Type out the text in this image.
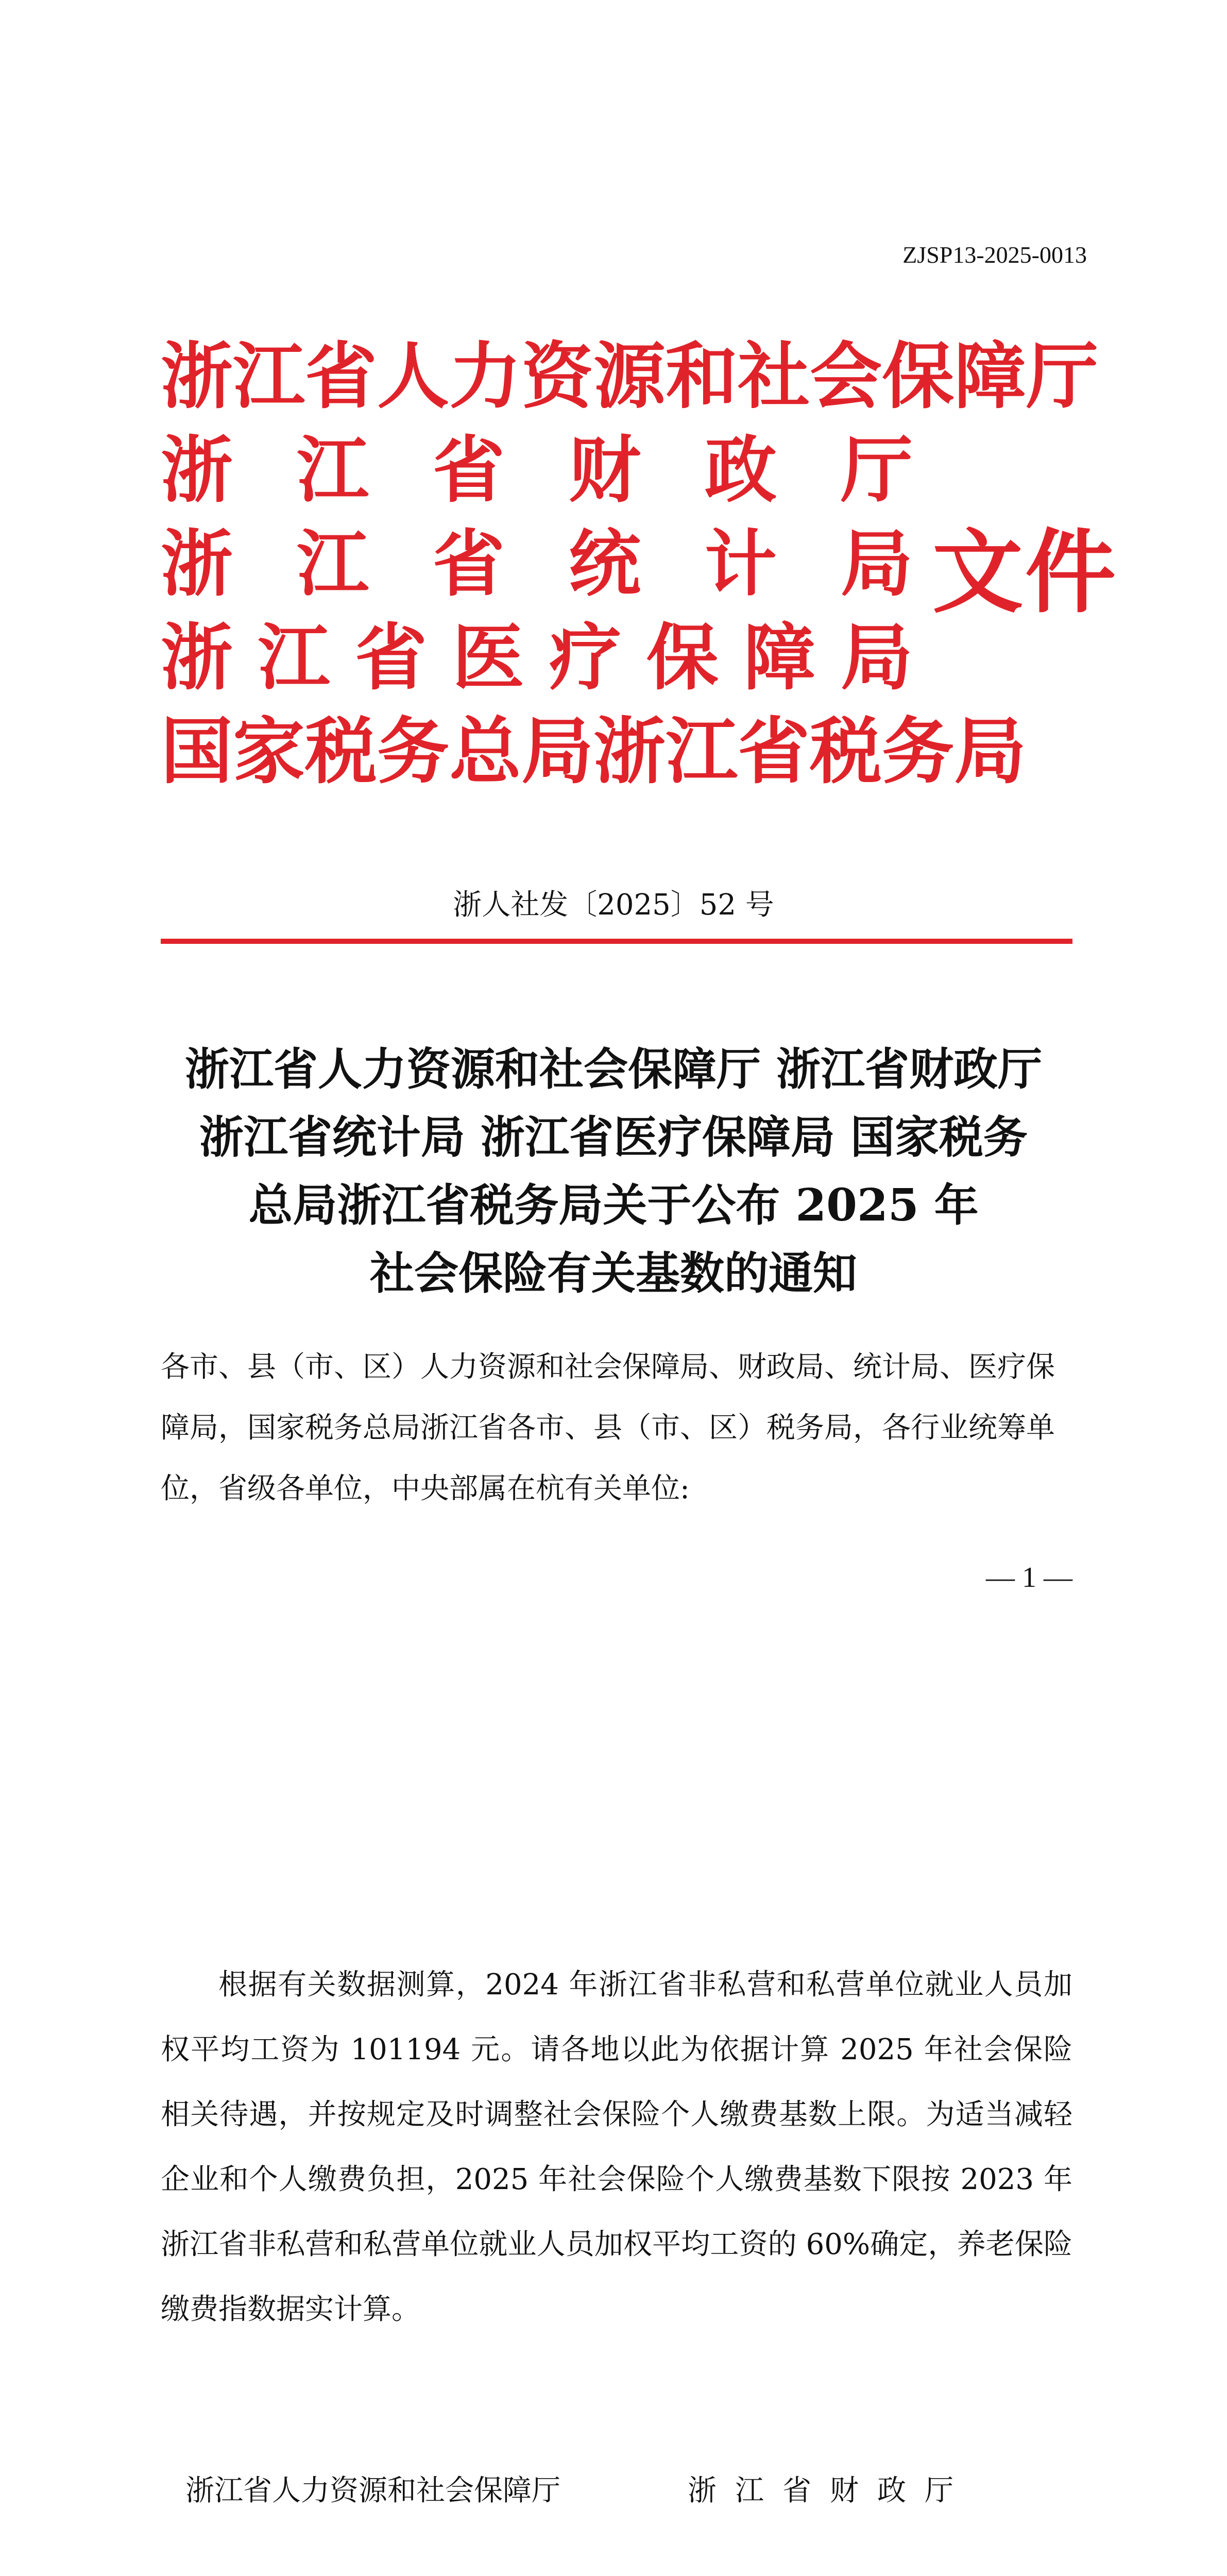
ZJSP13-2025-0013
浙 江 省 人 力 资 源 和 社 会 保 障 厅
浙 江 省 财 政 厅
浙 江 省 统 计 局
浙 江 省 医 疗 保 障 局
国 家 税 务 总 局 浙 江 省 税 务 局
文件
浙人社发〔2025〕52 号
浙江省人力资源和社会保障厅 浙江省财政厅
浙江省统计局 浙江省医疗保障局 国家税务
总局浙江省税务局关于公布 2025 年
社会保险有关基数的通知
各市、县（市、区）人力资源和社会保障局、财政局、统计局、医疗保障局，国家税务总局浙江省各市、县（市、区）税务局，各行业统筹单位，省级各单位，中央部属在杭有关单位:
— 1 —
根据有关数据测算，2024 年浙江省非私营和私营单位就业人员加权平均工资为 101194 元。请各地以此为依据计算 2025 年社会保险相关待遇，并按规定及时调整社会保险个人缴费基数上限。为适当减轻企业和个人缴费负担，2025 年社会保险个人缴费基数下限按 2023 年浙江省非私营和私营单位就业人员加权平均工资的 60%确定，养老保险缴费指数据实计算。
浙江省人力资源和社会保障厅	浙江省财政厅
